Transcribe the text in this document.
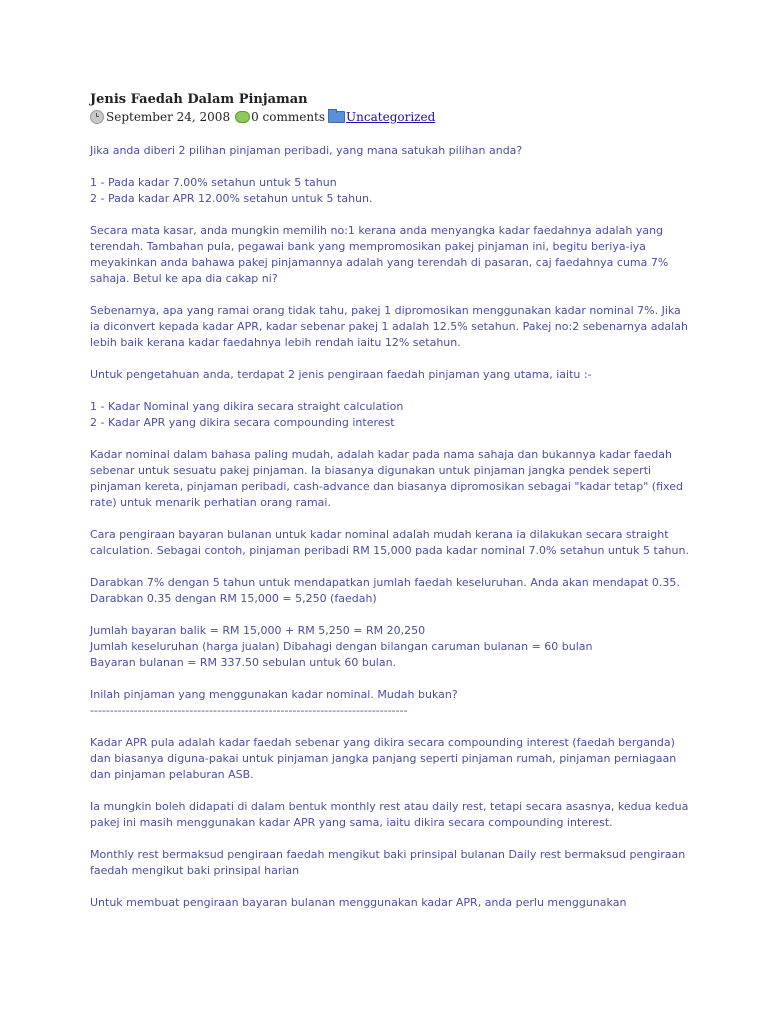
Jenis Faedah Dalam Pinjaman
September 24, 2008 0 comments Uncategorized

Jika anda diberi 2 pilihan pinjaman peribadi, yang mana satukah pilihan anda?

1 - Pada kadar 7.00% setahun untuk 5 tahun
2 - Pada kadar APR 12.00% setahun untuk 5 tahun.

Secara mata kasar, anda mungkin memilih no:1 kerana anda menyangka kadar faedahnya adalah yang terendah. Tambahan pula, pegawai bank yang mempromosikan pakej pinjaman ini, begitu beriya-iya meyakinkan anda bahawa pakej pinjamannya adalah yang terendah di pasaran, caj faedahnya cuma 7% sahaja. Betul ke apa dia cakap ni?

Sebenarnya, apa yang ramai orang tidak tahu, pakej 1 dipromosikan menggunakan kadar nominal 7%. Jika ia diconvert kepada kadar APR, kadar sebenar pakej 1 adalah 12.5% setahun. Pakej no:2 sebenarnya adalah lebih baik kerana kadar faedahnya lebih rendah iaitu 12% setahun.

Untuk pengetahuan anda, terdapat 2 jenis pengiraan faedah pinjaman yang utama, iaitu :-

1 - Kadar Nominal yang dikira secara straight calculation
2 - Kadar APR yang dikira secara compounding interest

Kadar nominal dalam bahasa paling mudah, adalah kadar pada nama sahaja dan bukannya kadar faedah sebenar untuk sesuatu pakej pinjaman. Ia biasanya digunakan untuk pinjaman jangka pendek seperti pinjaman kereta, pinjaman peribadi, cash-advance dan biasanya dipromosikan sebagai "kadar tetap" (fixed rate) untuk menarik perhatian orang ramai.

Cara pengiraan bayaran bulanan untuk kadar nominal adalah mudah kerana ia dilakukan secara straight calculation. Sebagai contoh, pinjaman peribadi RM 15,000 pada kadar nominal 7.0% setahun untuk 5 tahun.

Darabkan 7% dengan 5 tahun untuk mendapatkan jumlah faedah keseluruhan. Anda akan mendapat 0.35. Darabkan 0.35 dengan RM 15,000 = 5,250 (faedah)

Jumlah bayaran balik = RM 15,000 + RM 5,250 = RM 20,250
Jumlah keseluruhan (harga jualan) Dibahagi dengan bilangan caruman bulanan = 60 bulan
Bayaran bulanan = RM 337.50 sebulan untuk 60 bulan.

Inilah pinjaman yang menggunakan kadar nominal. Mudah bukan?
--------------------------------------------------------------------------------

Kadar APR pula adalah kadar faedah sebenar yang dikira secara compounding interest (faedah berganda) dan biasanya diguna-pakai untuk pinjaman jangka panjang seperti pinjaman rumah, pinjaman perniagaan dan pinjaman pelaburan ASB.

Ia mungkin boleh didapati di dalam bentuk monthly rest atau daily rest, tetapi secara asasnya, kedua kedua pakej ini masih menggunakan kadar APR yang sama, iaitu dikira secara compounding interest.

Monthly rest bermaksud pengiraan faedah mengikut baki prinsipal bulanan Daily rest bermaksud pengiraan faedah mengikut baki prinsipal harian

Untuk membuat pengiraan bayaran bulanan menggunakan kadar APR, anda perlu menggunakan
